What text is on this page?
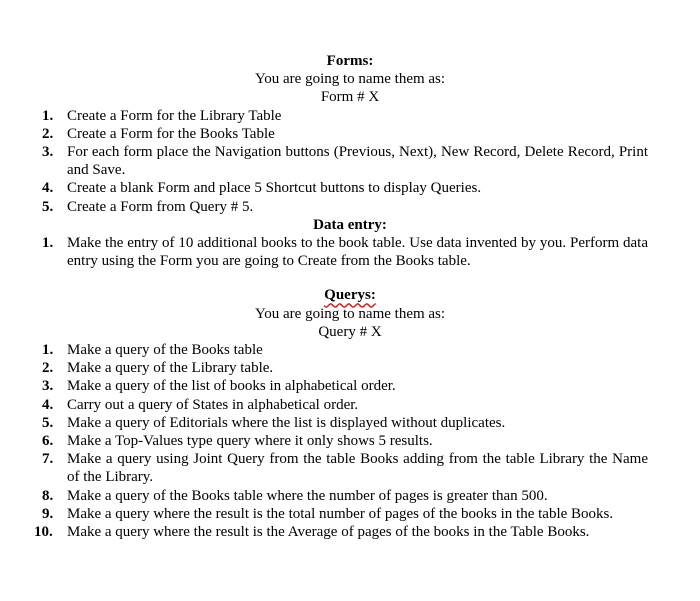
Forms:
You are going to name them as:
Form # X
1. Create a Form for the Library Table
2. Create a Form for the Books Table
3. For each form place the Navigation buttons (Previous, Next), New Record, Delete Record, Print and Save.
4. Create a blank Form and place 5 Shortcut buttons to display Queries.
5. Create a Form from Query # 5.
Data entry:
1. Make the entry of 10 additional books to the book table. Use data invented by you. Perform data entry using the Form you are going to Create from the Books table.
Querys:
You are going to name them as:
Query # X
1. Make a query of the Books table
2. Make a query of the Library table.
3. Make a query of the list of books in alphabetical order.
4. Carry out a query of States in alphabetical order.
5. Make a query of Editorials where the list is displayed without duplicates.
6. Make a Top-Values type query where it only shows 5 results.
7. Make a query using Joint Query from the table Books adding from the table Library the Name of the Library.
8. Make a query of the Books table where the number of pages is greater than 500.
9. Make a query where the result is the total number of pages of the books in the table Books.
10. Make a query where the result is the Average of pages of the books in the Table Books.
